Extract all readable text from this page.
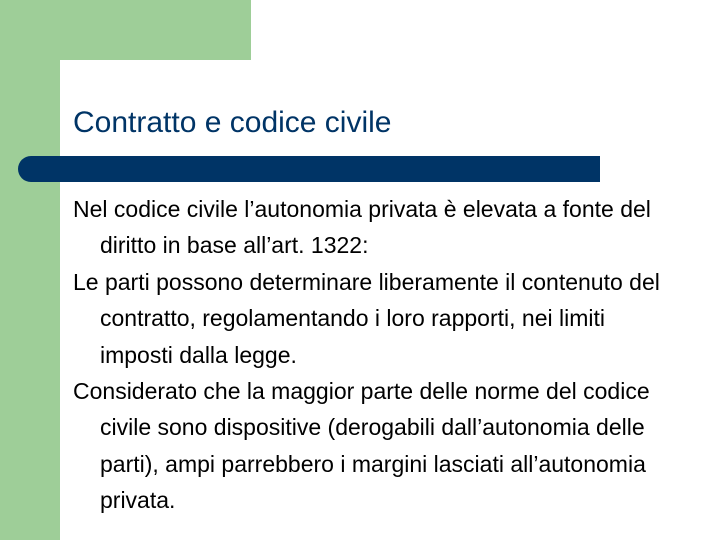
Contratto e codice civile
Nel codice civile l’autonomia privata è elevata a fonte del diritto in base all’art. 1322:
Le parti possono determinare liberamente il contenuto del contratto, regolamentando i loro rapporti, nei limiti imposti dalla legge.
Considerato che la maggior parte delle norme del codice civile sono dispositive (derogabili dall’autonomia delle parti), ampi parrebbero i margini lasciati all’autonomia privata.
